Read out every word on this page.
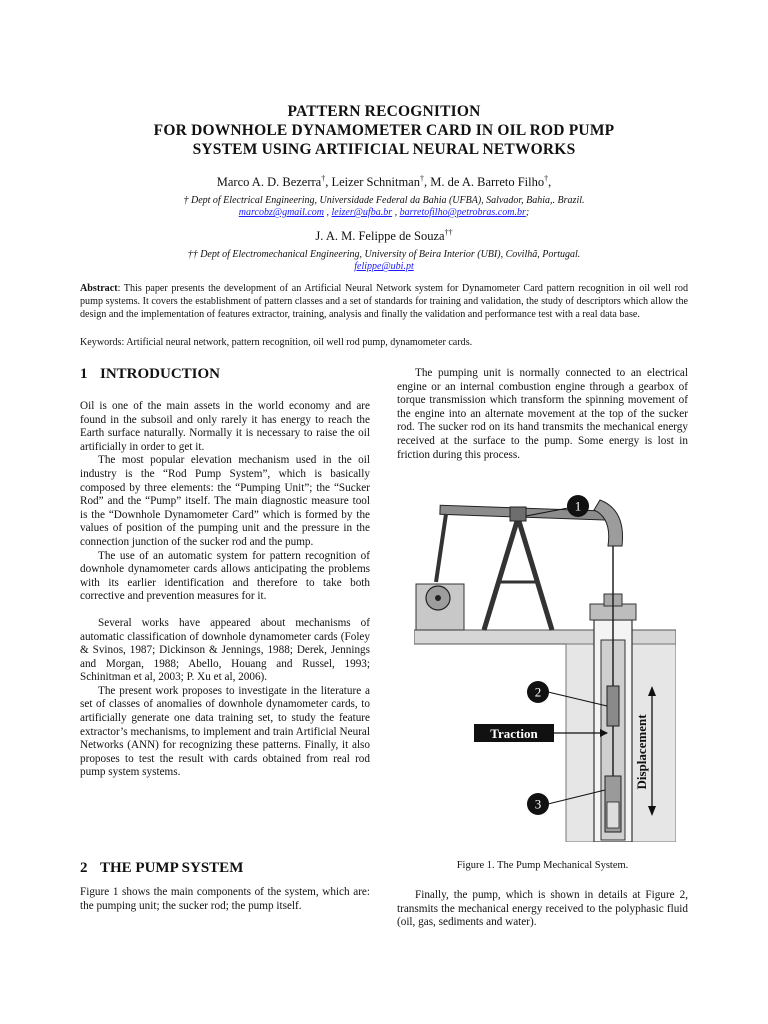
PATTERN RECOGNITION
FOR DOWNHOLE DYNAMOMETER CARD IN OIL ROD PUMP
SYSTEM USING ARTIFICIAL NEURAL NETWORKS
Marco A. D. Bezerra†, Leizer Schnitman†, M. de A. Barreto Filho†,
† Dept of Electrical Engineering, Universidade Federal da Bahia (UFBA), Salvador, Bahia,. Brazil.
marcobz@gmail.com , leizer@ufba.br , barretofilho@petrobras.com.br;
J. A. M. Felippe de Souza††
†† Dept of Electromechanical Engineering, University of Beira Interior (UBI), Covilhã, Portugal.
felippe@ubi.pt
Abstract: This paper presents the development of an Artificial Neural Network system for Dynamometer Card pattern recognition in oil well rod pump systems. It covers the establishment of pattern classes and a set of standards for training and validation, the study of descriptors which allow the design and the implementation of features extractor, training, analysis and finally the validation and performance test with a real data base.
Keywords: Artificial neural network, pattern recognition, oil well rod pump, dynamometer cards.
1 INTRODUCTION

Oil is one of the main assets in the world economy and are found in the subsoil and only rarely it has energy to reach the Earth surface naturally. Normally it is necessary to raise the oil artificially in order to get it.

The most popular elevation mechanism used in the oil industry is the “Rod Pump System”, which is basically composed by three elements: the “Pumping Unit”; the “Sucker Rod” and the “Pump” itself. The main diagnostic measure tool is the “Downhole Dynamometer Card” which is formed by the values of position of the pumping unit and the pressure in the connection junction of the sucker rod and the pump.

The use of an automatic system for pattern recognition of downhole dynamometer cards allows anticipating the problems with its earlier identification and therefore to take both corrective and prevention measures for it.

Several works have appeared about mechanisms of automatic classification of downhole dynamometer cards (Foley & Svinos, 1987; Dickinson & Jennings, 1988; Derek, Jennings and Morgan, 1988; Abello, Houang and Russel, 1993; Schinitman et al, 2003; P. Xu et al, 2006).

The present work proposes to investigate in the literature a set of classes of anomalies of downhole dynamometer cards, to artificially generate one data training set, to study the feature extractor’s mechanisms, to implement and train Artificial Neural Networks (ANN) for recognizing these patterns. Finally, it also proposes to test the result with cards obtained from real rod pump system systems.

2 THE PUMP SYSTEM

Figure 1 shows the main components of the system, which are: the pumping unit; the sucker rod; the pump itself.

The pumping unit is normally connected to an electrical engine or an internal combustion engine through a gearbox of torque transmission which transform the spinning movement of the engine into an alternate movement at the top of the sucker rod. The sucker rod on its hand transmits the mechanical energy received at the surface to the pump. Some energy is lost in friction during this process.

1
2
Traction
3
Displacement
Figure 1. The Pump Mechanical System.

Finally, the pump, which is shown in details at Figure 2, transmits the mechanical energy received to the polyphasic fluid (oil, gas, sediments and water).
